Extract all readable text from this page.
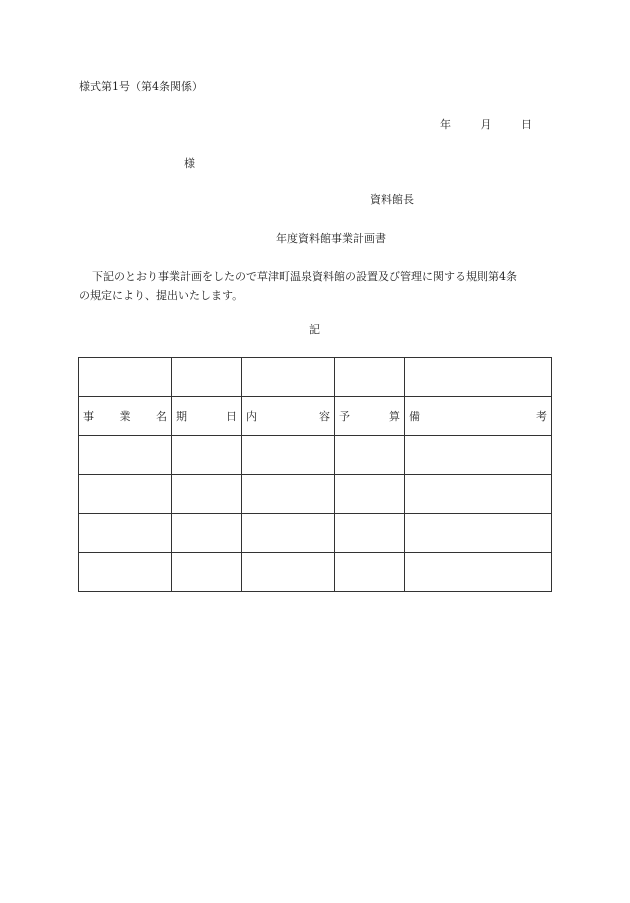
様式第1号（第4条関係）
年	月	日
様
資料館長
年度資料館事業計画書
下記のとおり事業計画をしたので草津町温泉資料館の設置及び管理に関する規則第4条
の規定により、提出いたします。
記

事 業 名	期 日	内 容	予 算	備 考
